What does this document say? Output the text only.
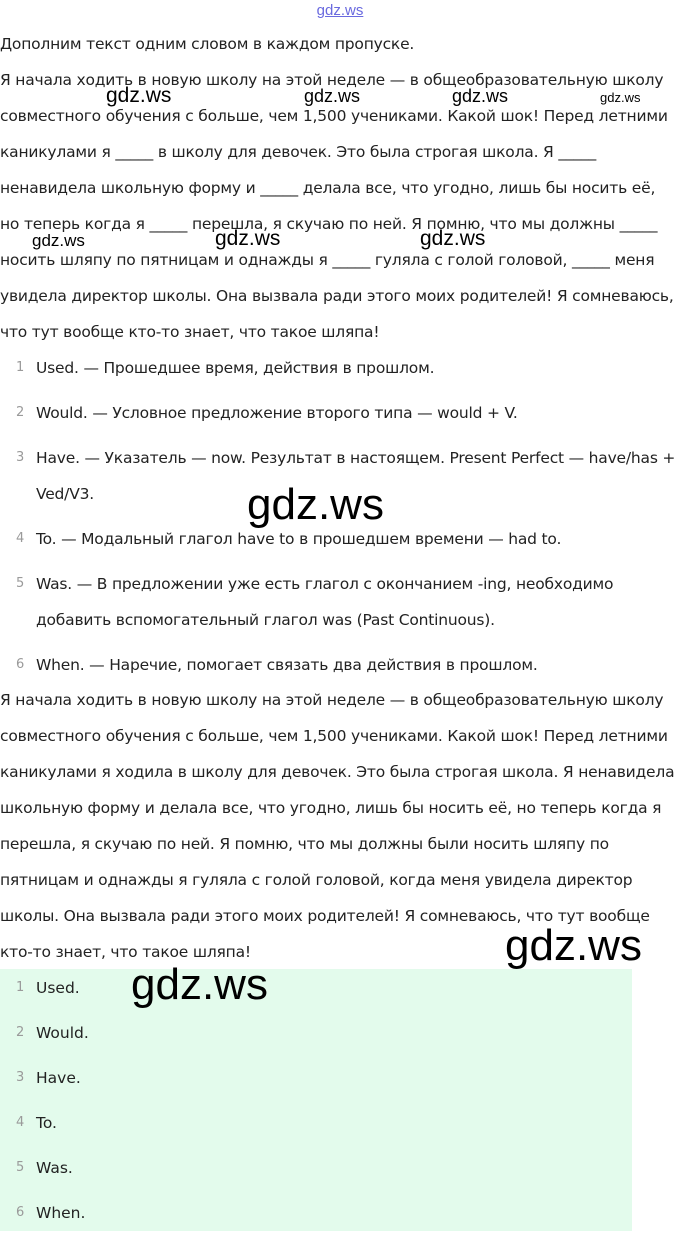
gdz.ws
Дополним текст одним словом в каждом пропуске.
Я начала ходить в новую школу на этой неделе — в общеобразовательную школу совместного обучения с больше, чем 1,500 учениками. Какой шок! Перед летними каникулами я _____ в школу для девочек. Это была строгая школа. Я _____ ненавидела школьную форму и _____ делала все, что угодно, лишь бы носить её, но теперь когда я _____ перешла, я скучаю по ней. Я помню, что мы должны _____ носить шляпу по пятницам и однажды я _____ гуляла с голой головой, _____ меня увидела директор школы. Она вызвала ради этого моих родителей! Я сомневаюсь, что тут вообще кто-то знает, что такое шляпа!
1 Used. — Прошедшее время, действия в прошлом.
2 Would. — Условное предложение второго типа — would + V.
3 Have. — Указатель — now. Результат в настоящем. Present Perfect — have/has + Ved/V3.
4 To. — Модальный глагол have to в прошедшем времени — had to.
5 Was. — В предложении уже есть глагол с окончанием -ing, необходимо добавить вспомогательный глагол was (Past Continuous).
6 When. — Наречие, помогает связать два действия в прошлом.
Я начала ходить в новую школу на этой неделе — в общеобразовательную школу совместного обучения с больше, чем 1,500 учениками. Какой шок! Перед летними каникулами я ходила в школу для девочек. Это была строгая школа. Я ненавидела школьную форму и делала все, что угодно, лишь бы носить её, но теперь когда я перешла, я скучаю по ней. Я помню, что мы должны были носить шляпу по пятницам и однажды я гуляла с голой головой, когда меня увидела директор школы. Она вызвала ради этого моих родителей! Я сомневаюсь, что тут вообще кто-то знает, что такое шляпа!
1 Used.
2 Would.
3 Have.
4 To.
5 Was.
6 When.
gdz.ws	gdz.ws	gdz.ws	gdz.ws
gdz.ws	gdz.ws	gdz.ws
gdz.ws
gdz.ws
gdz.ws
